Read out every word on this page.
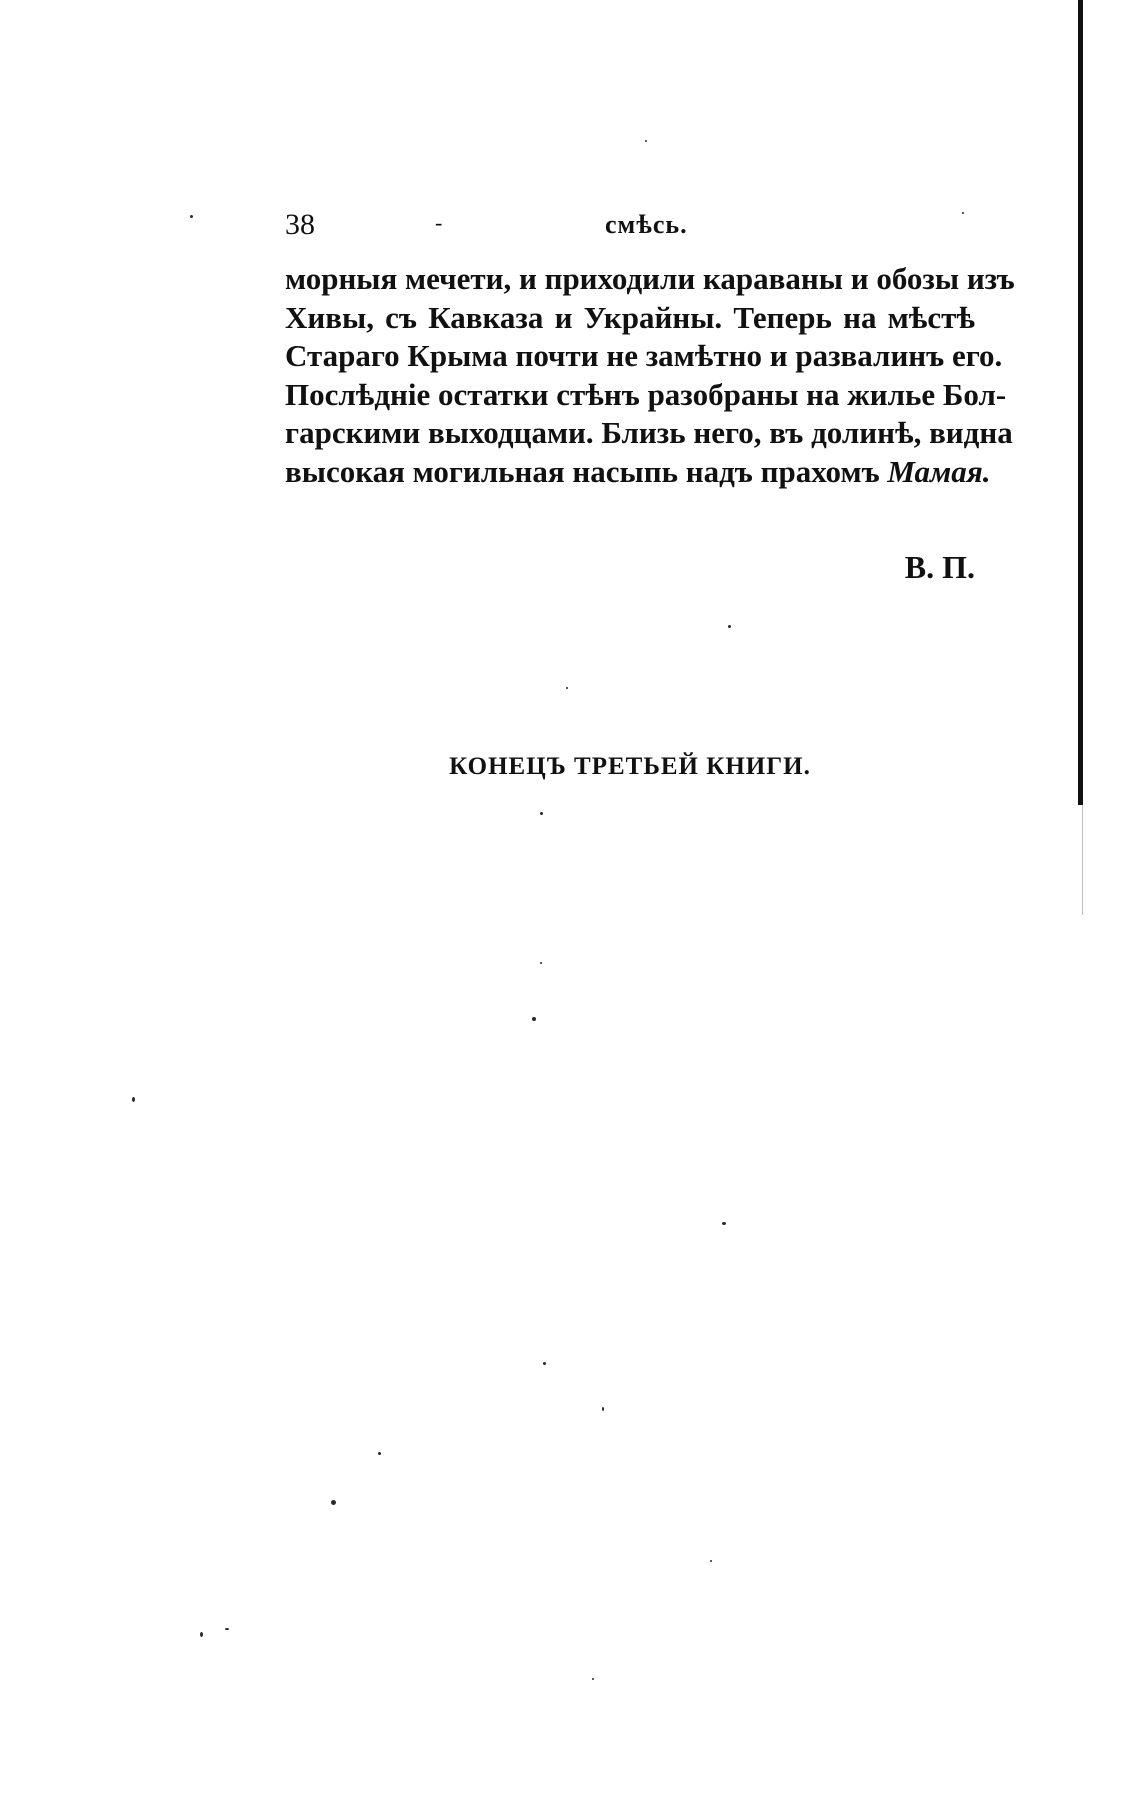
38	-	смѣсь.
морныя мечети, и приходили караваны и обозы изъ
Хивы, съ Кавказа и Украйны. Теперь на мѣстѣ
Стараго Крыма почти не замѣтно и развалинъ его.
Послѣдніе остатки стѣнъ разобраны на жилье Бол-
гарскими выходцами. Близь него, въ долинѣ, видна
высокая могильная насыпь надъ прахомъ Мамая.
В. П.
КОНЕЦЪ ТРЕТЬЕЙ КНИГИ.
